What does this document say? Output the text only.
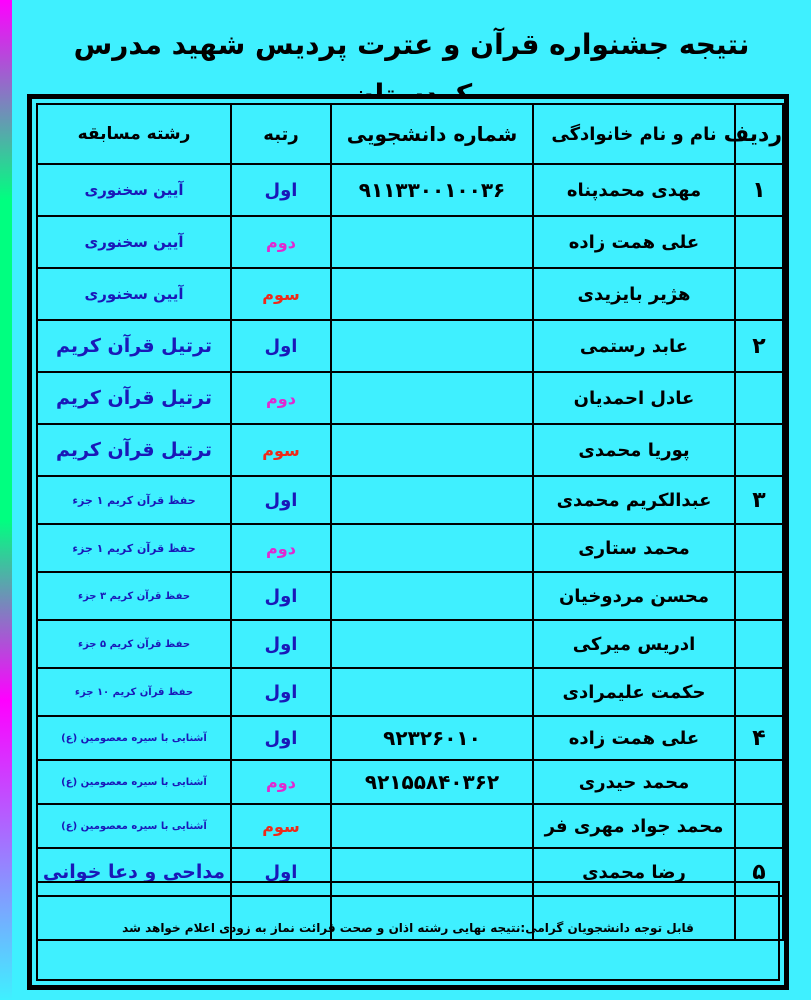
نتیجه جشنواره قرآن و عترت پردیس شهید مدرس
ردیف	نام و نام خانوادگی	شماره دانشجویی	رتبه	رشته مسابقه
۱	مهدی محمدپناه	۹۱۱۳۳۰۰۱۰۰۳۶	اول	آیین سخنوری
	علی همت زاده		دوم	آیین سخنوری
	هژیر بایزیدی		سوم	آیین سخنوری
۲	عابد رستمی		اول	ترتیل قرآن کریم
	عادل احمدیان		دوم	ترتیل قرآن کریم
	پوریا محمدی		سوم	ترتیل قرآن کریم
۳	عبدالکریم محمدی		اول	حفظ قرآن کریم ۱ جزء
	محمد ستاری		دوم	حفظ قرآن کریم ۱ جزء
	محسن مردوخیان		اول	حفظ قرآن کریم ۳ جزء
	ادریس میرکی		اول	حفظ قرآن کریم ۵ جزء
	حکمت علیمرادی		اول	حفظ قرآن کریم ۱۰ جزء
۴	علی همت زاده	۹۲۳۲۶۰۱۰	اول	آشنایی با سیره معصومین (ع)
	محمد حیدری	۹۲۱۵۵۸۴۰۳۶۲	دوم	آشنایی با سیره معصومین (ع)
	محمد جواد مهری فر		سوم	آشنایی با سیره معصومین (ع)
۵	رضا محمدی		اول	مداحی و دعا خوانی

قابل توجه دانشجویان گرامی:نتیجه نهایی رشته اذان و صحت قرائت نماز به زودی اعلام خواهد شد
